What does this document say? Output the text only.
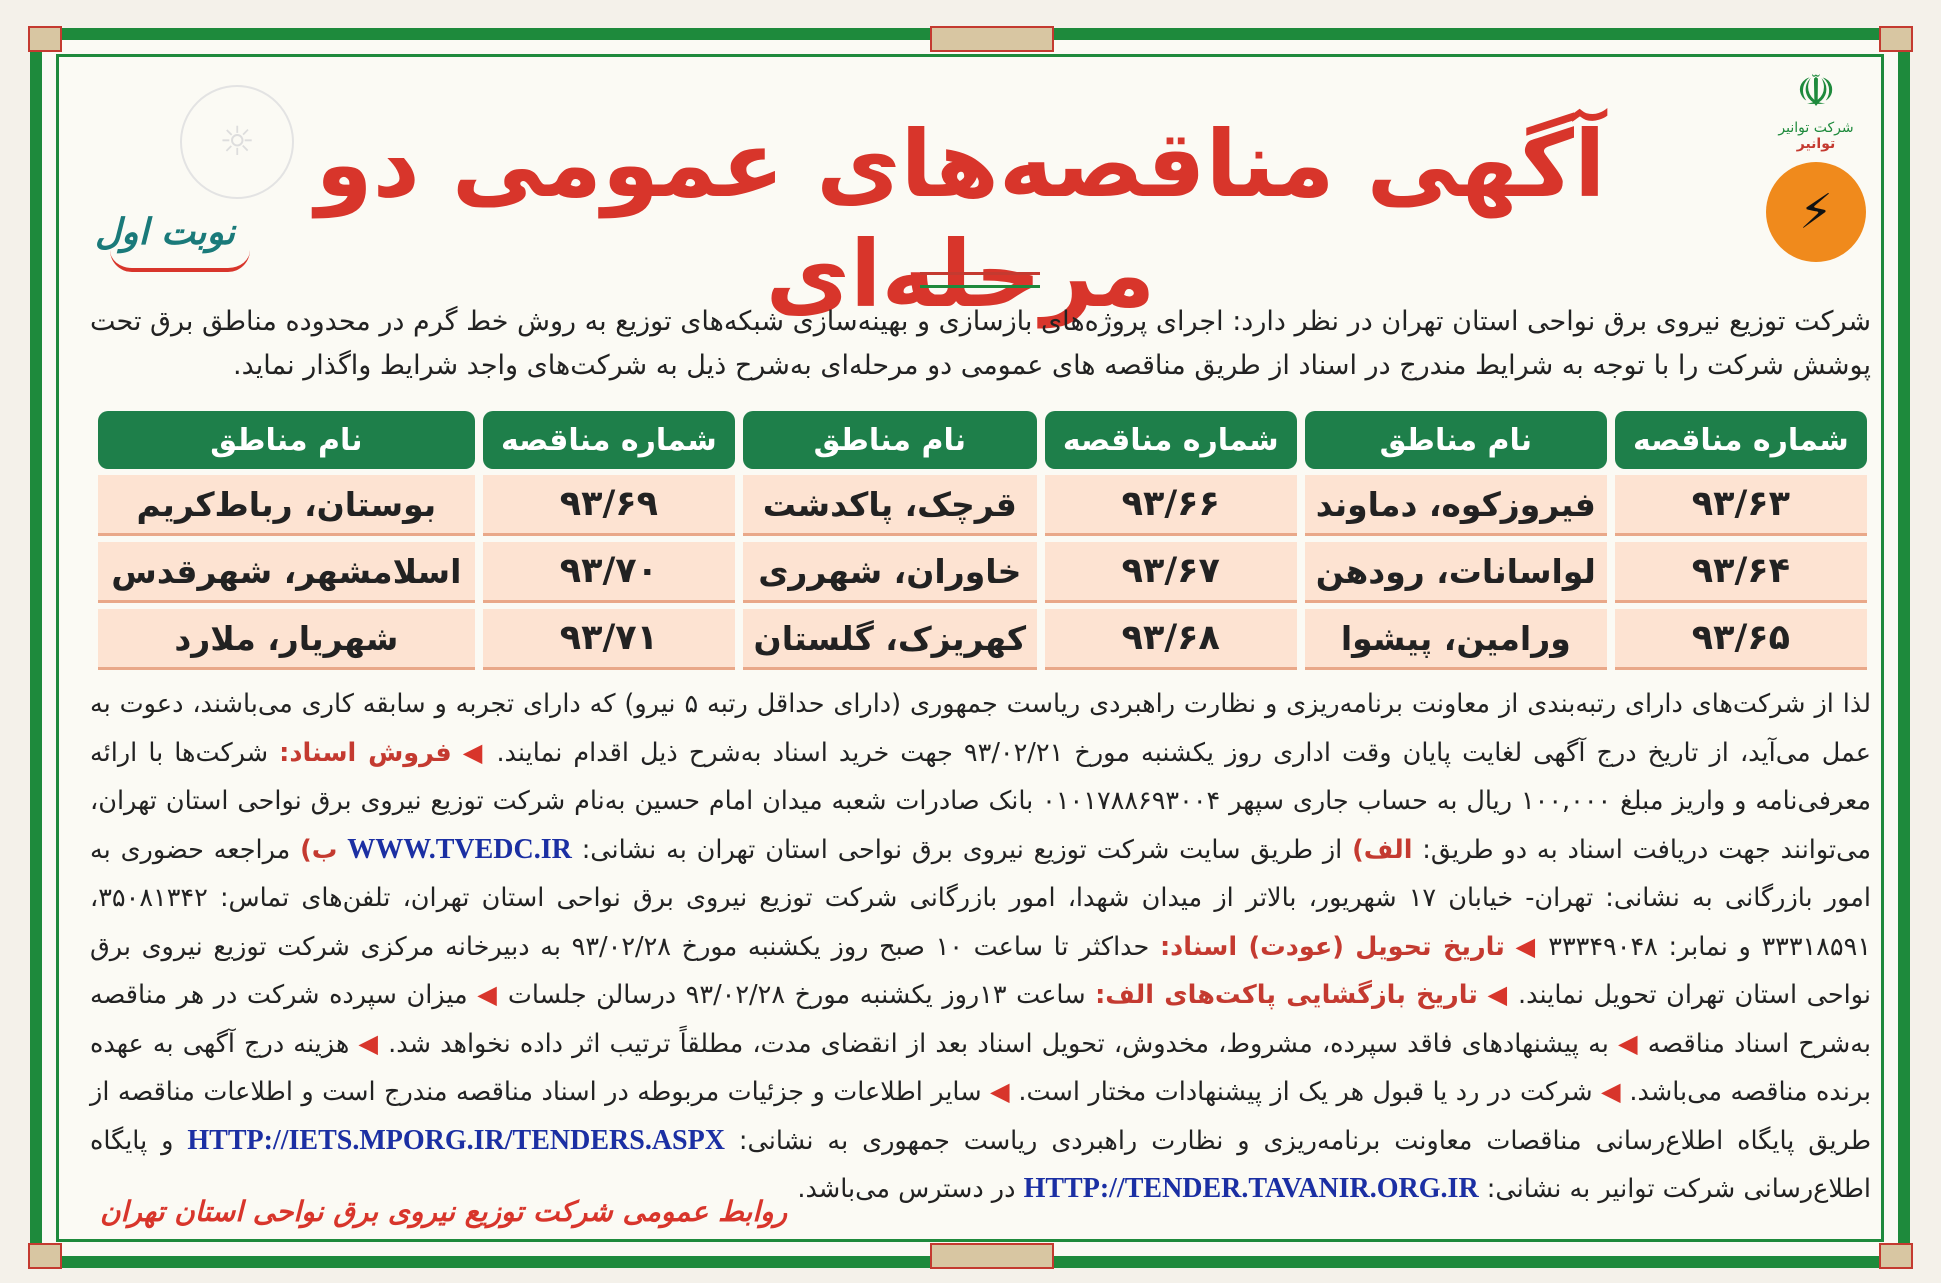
☼
☫
شرکت توانیر
توانیر
⚡
آگهی مناقصه‌های عمومی دو مرحله‌ای
نوبت اول
شرکت توزیع نیروی برق نواحی استان تهران در نظر دارد: اجرای پروژه‌های بازسازی و بهینه‌سازی شبکه‌های توزیع به روش خط گرم در محدوده مناطق برق تحت پوشش شرکت را با توجه به شرایط مندرج در اسناد از طریق مناقصه های عمومی دو مرحله‌ای به‌شرح ذیل به شرکت‌های واجد شرایط واگذار نماید.
شماره مناقصه	نام مناطق	شماره مناقصه	نام مناطق	شماره مناقصه	نام مناطق
۹۳/۶۳	فیروزکوه، دماوند	۹۳/۶۶	قرچک، پاکدشت	۹۳/۶۹	بوستان، رباط‌کریم
۹۳/۶۴	لواسانات، رودهن	۹۳/۶۷	خاوران، شهرری	۹۳/۷۰	اسلامشهر، شهرقدس
۹۳/۶۵	ورامین، پیشوا	۹۳/۶۸	کهریزک، گلستان	۹۳/۷۱	شهریار، ملارد
لذا از شرکت‌های دارای رتبه‌بندی از معاونت برنامه‌ریزی و نظارت راهبردی ریاست جمهوری (دارای حداقل رتبه ۵ نیرو) که دارای تجربه و سابقه کاری می‌باشند، دعوت به عمل می‌آید، از تاریخ درج آگهی لغایت پایان وقت اداری روز یکشنبه مورخ ۹۳/۰۲/۲۱ جهت خرید اسناد به‌شرح ذیل اقدام نمایند. ◀ فروش اسناد: شرکت‌ها با ارائه معرفی‌نامه و واریز مبلغ ۱۰۰,۰۰۰ ریال به حساب جاری سپهر ۰۱۰۱۷۸۸۶۹۳۰۰۴ بانک صادرات شعبه میدان امام حسین به‌نام شرکت توزیع نیروی برق نواحی استان تهران، می‌توانند جهت دریافت اسناد به دو طریق: الف) از طریق سایت شرکت توزیع نیروی برق نواحی استان تهران به نشانی: WWW.TVEDC.IR ب) مراجعه حضوری به امور بازرگانی به نشانی: تهران- خیابان ۱۷ شهریور، بالاتر از میدان شهدا، امور بازرگانی شرکت توزیع نیروی برق نواحی استان تهران، تلفن‌های تماس: ۳۵۰۸۱۳۴۲، ۳۳۳۱۸۵۹۱ و نمابر: ۳۳۳۴۹۰۴۸ ◀ تاریخ تحویل (عودت) اسناد: حداکثر تا ساعت ۱۰ صبح روز یکشنبه مورخ ۹۳/۰۲/۲۸ به دبیرخانه مرکزی شرکت توزیع نیروی برق نواحی استان تهران تحویل نمایند. ◀ تاریخ بازگشایی پاکت‌های الف: ساعت ۱۳روز یکشنبه مورخ ۹۳/۰۲/۲۸ درسالن جلسات ◀ میزان سپرده شرکت در هر مناقصه به‌شرح اسناد مناقصه ◀ به پیشنهادهای فاقد سپرده، مشروط، مخدوش، تحویل اسناد بعد از انقضای مدت، مطلقاً ترتیب اثر داده نخواهد شد. ◀ هزینه درج آگهی به عهده برنده مناقصه می‌باشد. ◀ شرکت در رد یا قبول هر یک از پیشنهادات مختار است. ◀ سایر اطلاعات و جزئیات مربوطه در اسناد مناقصه مندرج است و اطلاعات مناقصه از طریق پایگاه اطلاع‌رسانی مناقصات معاونت برنامه‌ریزی و نظارت راهبردی ریاست جمهوری به نشانی: HTTP://IETS.MPORG.IR/TENDERS.ASPX و پایگاه اطلاع‌رسانی شرکت توانیر به نشانی: HTTP://TENDER.TAVANIR.ORG.IR در دسترس می‌باشد.
روابط عمومی شرکت توزیع نیروی برق نواحی استان تهران
